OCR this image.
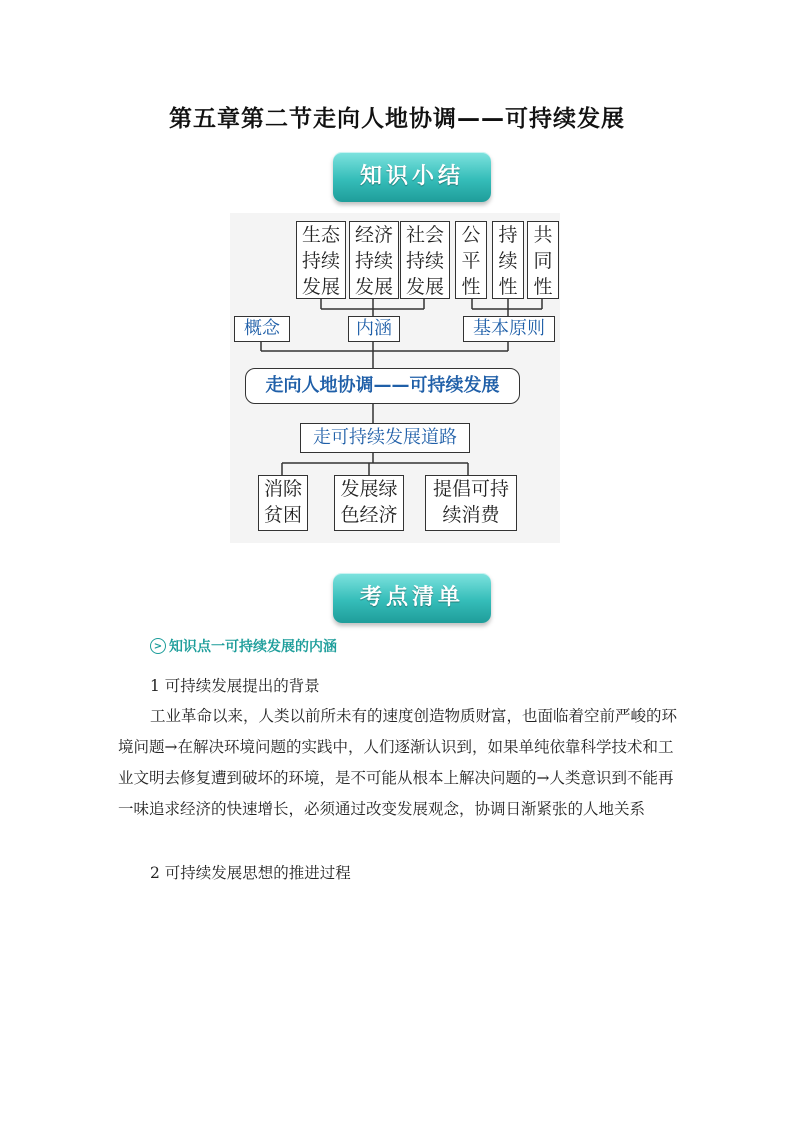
第五章第二节走向人地协调——可持续发展
知识小结
生态
持续
发展
经济
持续
发展
社会
持续
发展
公
平
性
持
续
性
共
同
性
概念	内涵	基本原则
走向人地协调——可持续发展
走可持续发展道路
消除
贫困
发展绿
色经济
提倡可持
续消费
考点清单
> 知识点一可持续发展的内涵
1 可持续发展提出的背景
工业革命以来，人类以前所未有的速度创造物质财富，也面临着空前严峻的环境问题→在解决环境问题的实践中，人们逐渐认识到，如果单纯依靠科学技术和工业文明去修复遭到破坏的环境，是不可能从根本上解决问题的→人类意识到不能再一味追求经济的快速增长，必须通过改变发展观念，协调日渐紧张的人地关系
2 可持续发展思想的推进过程
